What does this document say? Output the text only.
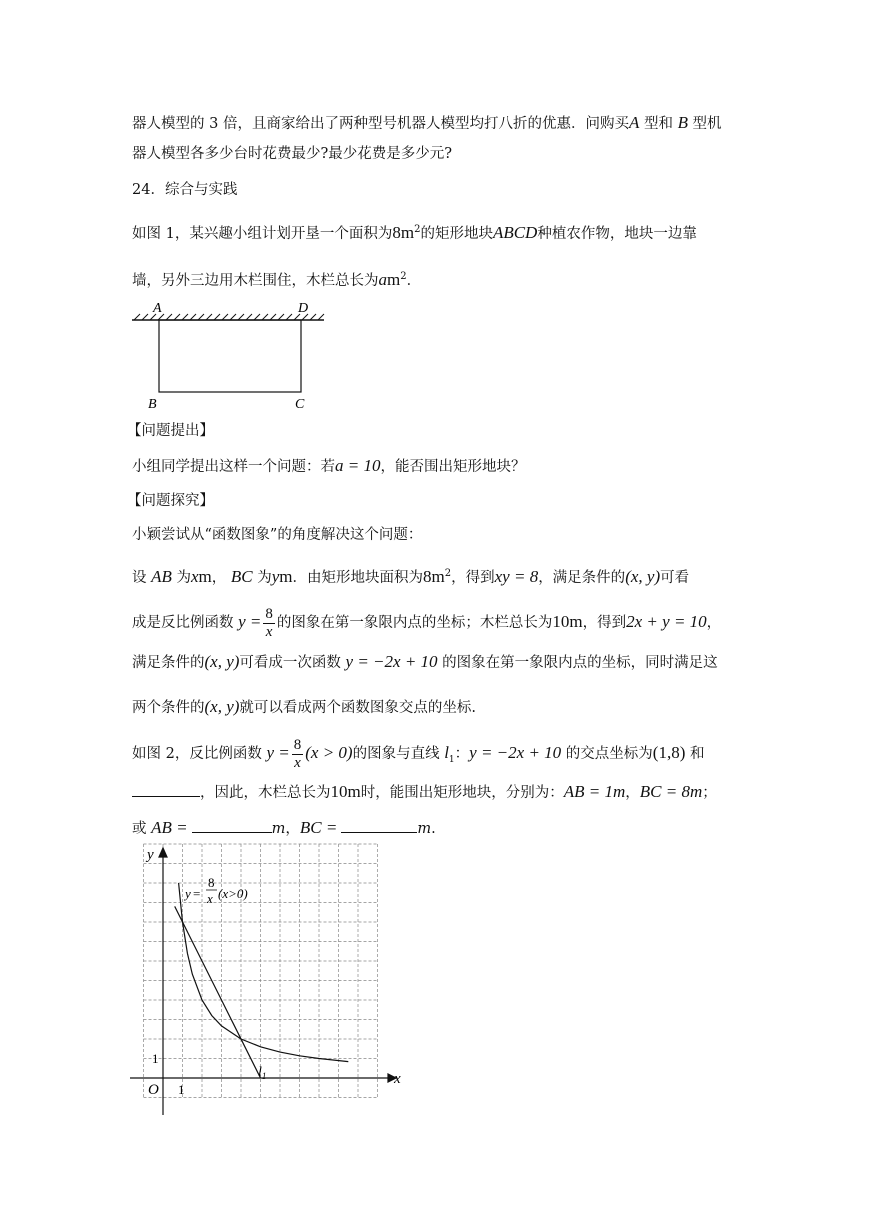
器人模型的 3 倍，且商家给出了两种型号机器人模型均打八折的优惠．问购买A 型和 B 型机
器人模型各多少台时花费最少?最少花费是多少元?
24．综合与实践
如图 1，某兴趣小组计划开垦一个面积为$8m^2$的矩形地块ABCD种植农作物，地块一边靠
墙，另外三边用木栏围住，木栏总长为$am^2$．
A	D
B	C
【问题提出】
小组同学提出这样一个问题：若a = 10，能否围出矩形地块？
【问题探究】
小颖尝试从“函数图象”的角度解决这个问题：
设 AB 为xm， BC 为ym．由矩形地块面积为$8m^2$，得到xy = 8，满足条件的(x, y)可看
成是反比例函数 $y = \frac{8}{x}$ 的图象在第一象限内点的坐标；木栏总长为10m，得到2x + y = 10，
满足条件的(x, y)可看成一次函数 y = −2x + 10 的图象在第一象限内点的坐标，同时满足这
两个条件的(x, y)就可以看成两个函数图象交点的坐标.
如图 2，反比例函数 $y = \frac{8}{x} (x > 0)$的图象与直线 $l_1$：y = −2x + 10 的交点坐标为(1,8) 和
，因此，木栏总长为10m时，能围出矩形地块，分别为：AB = 1m，BC = 8m；
或 AB =	m，BC =	m.
y
x
O 1
1
y =
8
x (x>0)
$l_1$
